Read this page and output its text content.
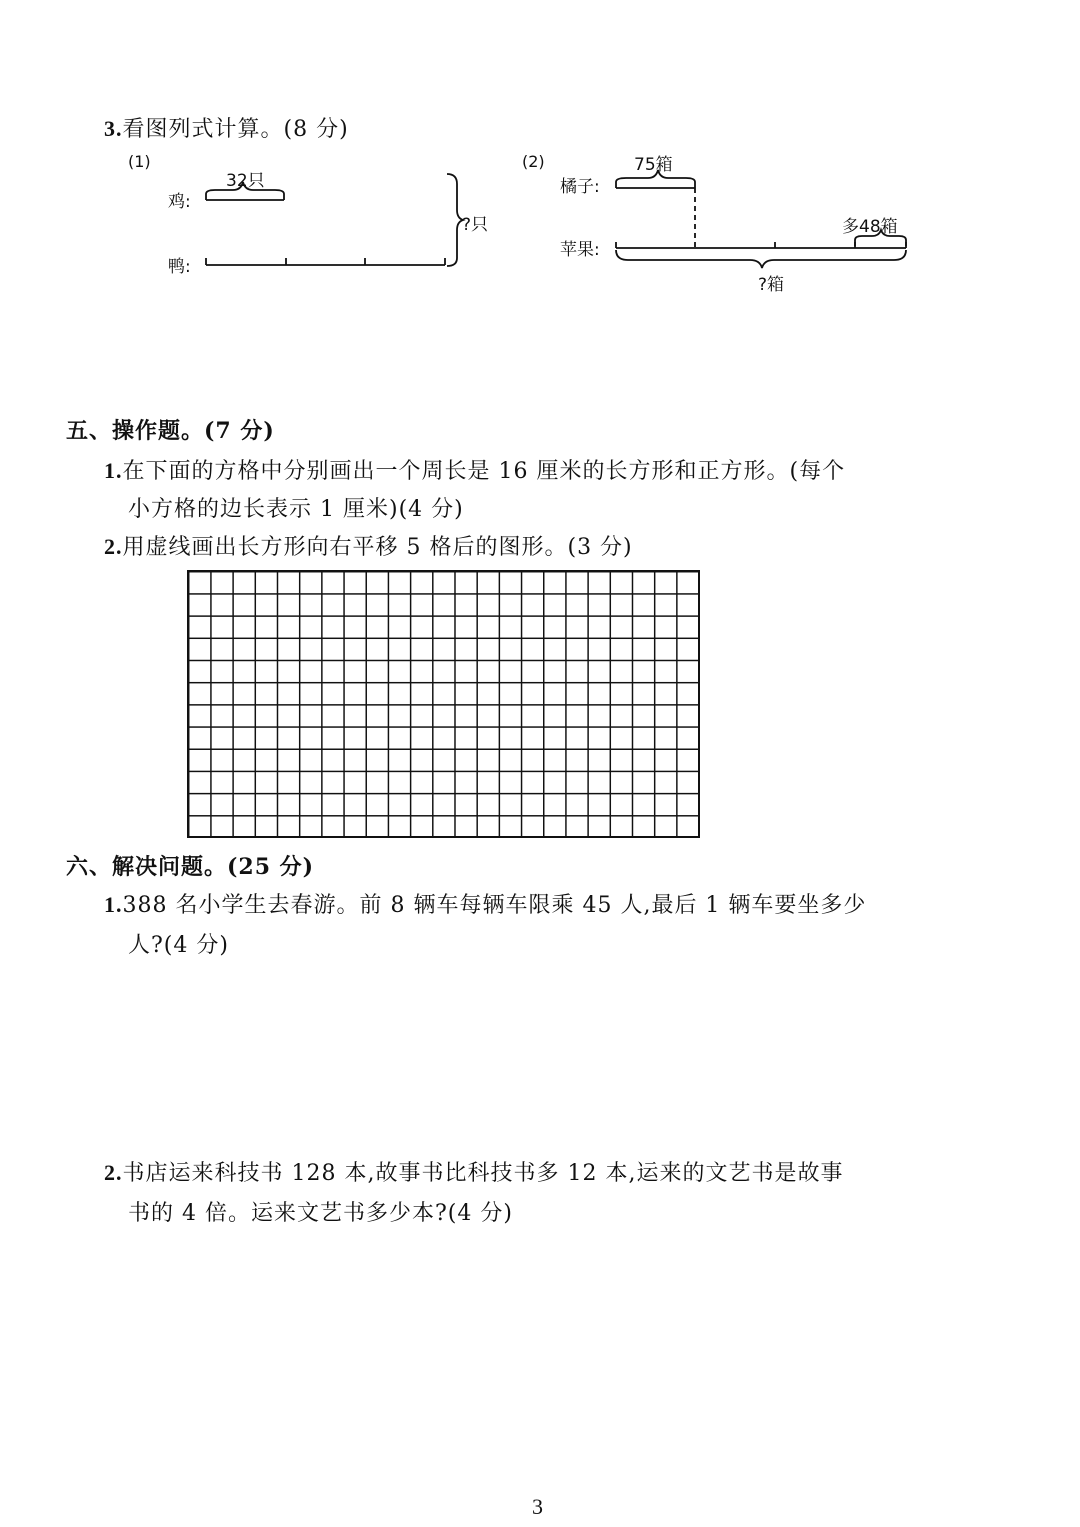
3.看图列式计算。(8 分)
(1)
鸡:
32只
鸭:
?只
(2)
橘子:
75箱
苹果:
多48箱
?箱
五、操作题。(7 分)
1.在下面的方格中分别画出一个周长是 16 厘米的长方形和正方形。(每个
小方格的边长表示 1 厘米)(4 分)
2.用虚线画出长方形向右平移 5 格后的图形。(3 分)
六、解决问题。(25 分)
1.388 名小学生去春游。前 8 辆车每辆车限乘 45 人,最后 1 辆车要坐多少
人?(4 分)
2.书店运来科技书 128 本,故事书比科技书多 12 本,运来的文艺书是故事
书的 4 倍。运来文艺书多少本?(4 分)
3
